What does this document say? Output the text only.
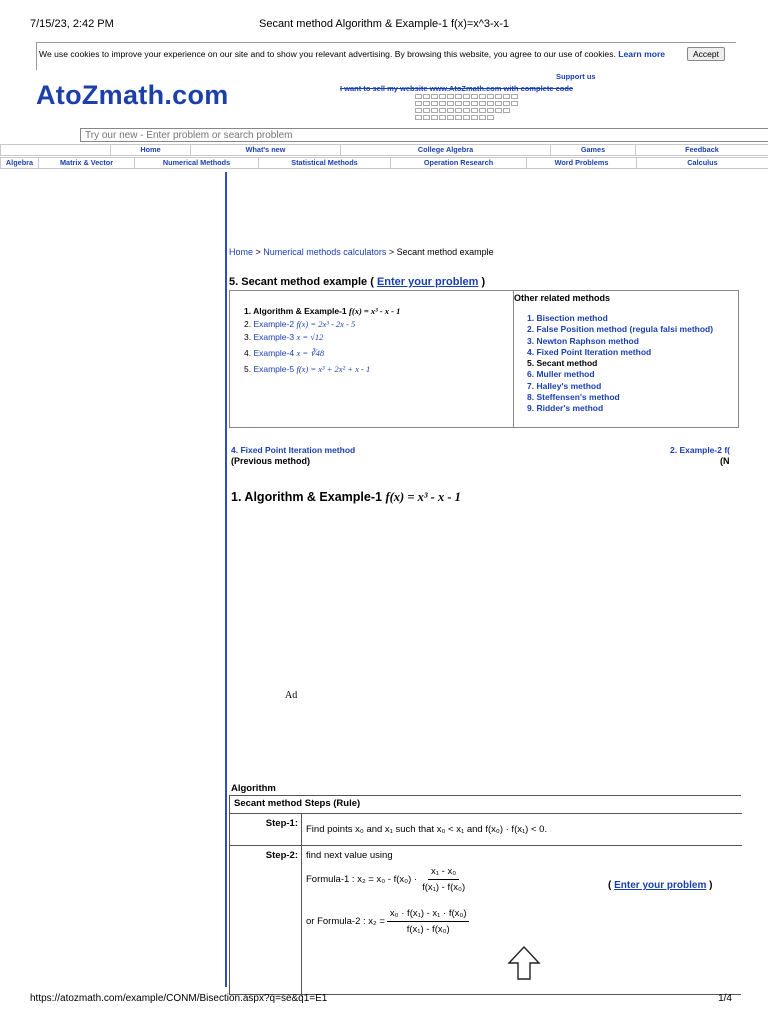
7/15/23, 2:42 PM	Secant method Algorithm & Example-1 f(x)=x^3-x-1
We use cookies to improve your experience on our site and to show you relevant advertising. By browsing this website, you agree to our use of cookies. Learn more	Accept
AtoZmath.com
Support us
I want to sell my website www.AtoZmath.com with complete code
Try our new - Enter problem or search problem
Home	What's new	College Algebra	Games	Feedback
Algebra	Matrix & Vector	Numerical Methods	Statistical Methods	Operation Research	Word Problems	Calculus
Home > Numerical methods calculators > Secant method example
5. Secant method example ( Enter your problem )
1. Algorithm & Example-1 f(x) = x³ - x - 1
2. Example-2 f(x) = 2x³ - 2x - 5
3. Example-3 x = √12
4. Example-4 x = ∛48
5. Example-5 f(x) = x³ + 2x² + x - 1
Other related methods
1. Bisection method
2. False Position method (regula falsi method)
3. Newton Raphson method
4. Fixed Point Iteration method
5. Secant method
6. Muller method
7. Halley's method
8. Steffensen's method
9. Ridder's method
4. Fixed Point Iteration method
(Previous method)
2. Example-2 f(
(N
1. Algorithm & Example-1 f(x) = x³ - x - 1
Ad
Algorithm
Secant method Steps (Rule)
Step-1:
Find points x₀ and x₁ such that x₀ < x₁ and f(x₀) · f(x₁) < 0.
Step-2: find next value using
Formula-1 : $x_2 = x_0 - f(x_0) \cdot \frac{\text{x₁ - x₀}}{\text{f(x₁) - f(x₀)}}$
or Formula-2 : $x_2 = \frac{\text{x₀ · f(x₁) - x₁ · f(x₀)}}{\text{f(x₁) - f(x₀)}}$
( Enter your problem )
https://atozmath.com/example/CONM/Bisection.aspx?q=se&q1=E1	1/4
